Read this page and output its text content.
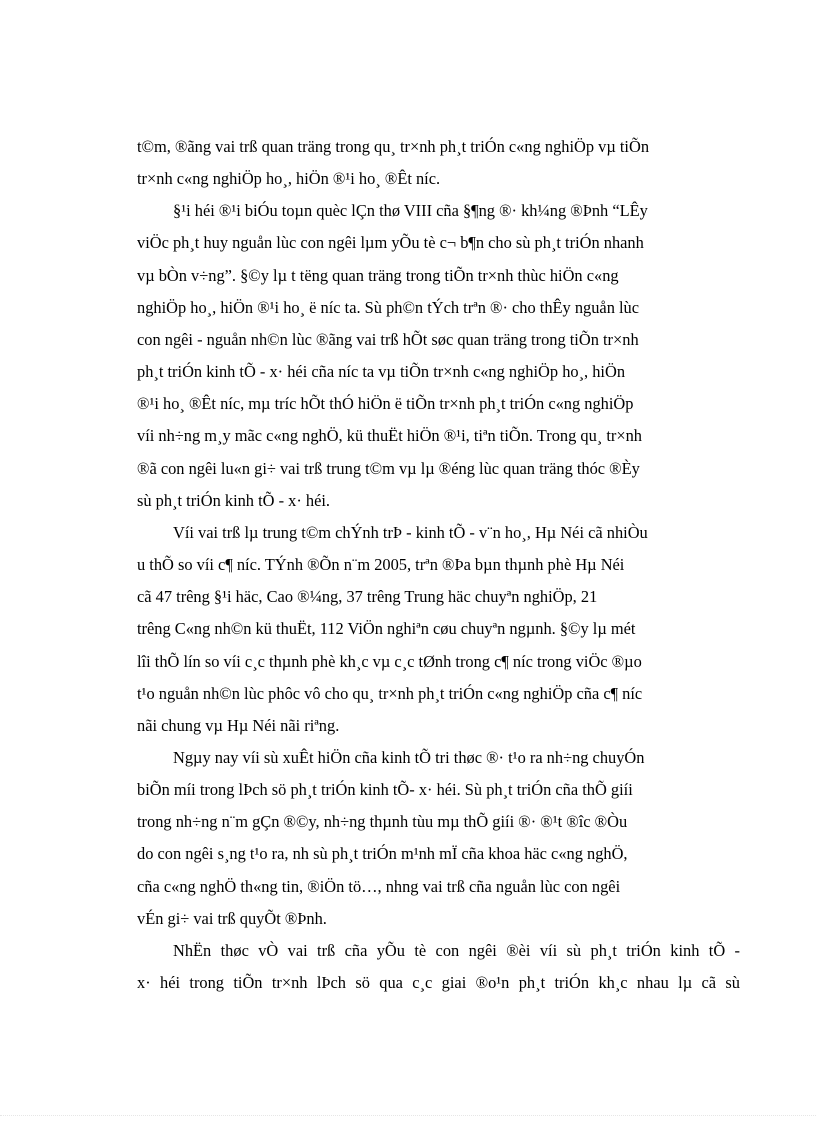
t©m, ®ãng vai trß quan träng trong qu¸ tr×nh ph¸t triÓn c«ng nghiÖp vµ tiÕn
tr×nh c«ng nghiÖp ho¸, hiÖn ®¹i ho¸ ®Êt níc.

§¹i héi ®¹i biÓu toµn quèc lÇn thø VIII cña §¶ng ®· kh¼ng ®Þnh “LÊy
viÖc ph¸t huy nguån lùc con ngêi lµm yÕu tè c¬ b¶n cho sù ph¸t triÓn nhanh
vµ bÒn v÷ng”. §©y lµ t tëng quan träng trong tiÕn tr×nh thùc hiÖn c«ng
nghiÖp ho¸, hiÖn ®¹i ho¸ ë níc ta. Sù ph©n tÝch trªn ®· cho thÊy nguån lùc
con ngêi - nguån nh©n lùc ®ãng vai trß hÕt søc quan träng trong tiÕn tr×nh
ph¸t triÓn kinh tÕ - x· héi cña níc ta vµ tiÕn tr×nh c«ng nghiÖp ho¸, hiÖn
®¹i ho¸ ®Êt níc, mµ tríc hÕt thÓ hiÖn ë tiÕn tr×nh ph¸t triÓn c«ng nghiÖp
víi nh÷ng m¸y mãc c«ng nghÖ, kü thuËt hiÖn ®¹i, tiªn tiÕn. Trong qu¸ tr×nh
®ã con ngêi lu«n gi÷ vai trß trung t©m vµ lµ ®éng lùc quan träng thóc ®Èy
sù ph¸t triÓn kinh tÕ - x· héi.

Víi vai trß lµ trung t©m chÝnh trÞ - kinh tÕ - v¨n ho¸, Hµ Néi cã nhiÒu
u thÕ so víi c¶ níc. TÝnh ®Õn n¨m 2005, trªn ®Þa bµn thµnh phè Hµ Néi
cã 47 trêng §¹i häc, Cao ®¼ng, 37 trêng Trung häc chuyªn nghiÖp, 21
trêng C«ng nh©n kü thuËt, 112 ViÖn nghiªn cøu chuyªn ngµnh. §©y lµ mét
lîi thÕ lín so víi c¸c thµnh phè kh¸c vµ c¸c tØnh trong c¶ níc trong viÖc ®µo
t¹o nguån nh©n lùc phôc vô cho qu¸ tr×nh ph¸t triÓn c«ng nghiÖp cña c¶ níc
nãi chung vµ Hµ Néi nãi riªng.

Ngµy nay víi sù xuÊt hiÖn cña kinh tÕ tri thøc ®· t¹o ra nh÷ng chuyÓn
biÕn míi trong lÞch sö ph¸t triÓn kinh tÕ- x· héi. Sù ph¸t triÓn cña thÕ giíi
trong nh÷ng n¨m gÇn ®©y, nh÷ng thµnh tùu mµ thÕ giíi ®· ®¹t ®îc ®Òu
do con ngêi s¸ng t¹o ra, nh sù ph¸t triÓn m¹nh mÏ cña khoa häc c«ng nghÖ,
cña c«ng nghÖ th«ng tin, ®iÖn tö…, nhng vai trß cña nguån lùc con ngêi
vÉn gi÷ vai trß quyÕt ®Þnh.

NhËn thøc vÒ vai trß cña yÕu tè con ngêi ®èi víi sù ph¸t triÓn kinh tÕ -
x· héi trong tiÕn tr×nh lÞch sö qua c¸c giai ®o¹n ph¸t triÓn kh¸c nhau lµ cã sù
